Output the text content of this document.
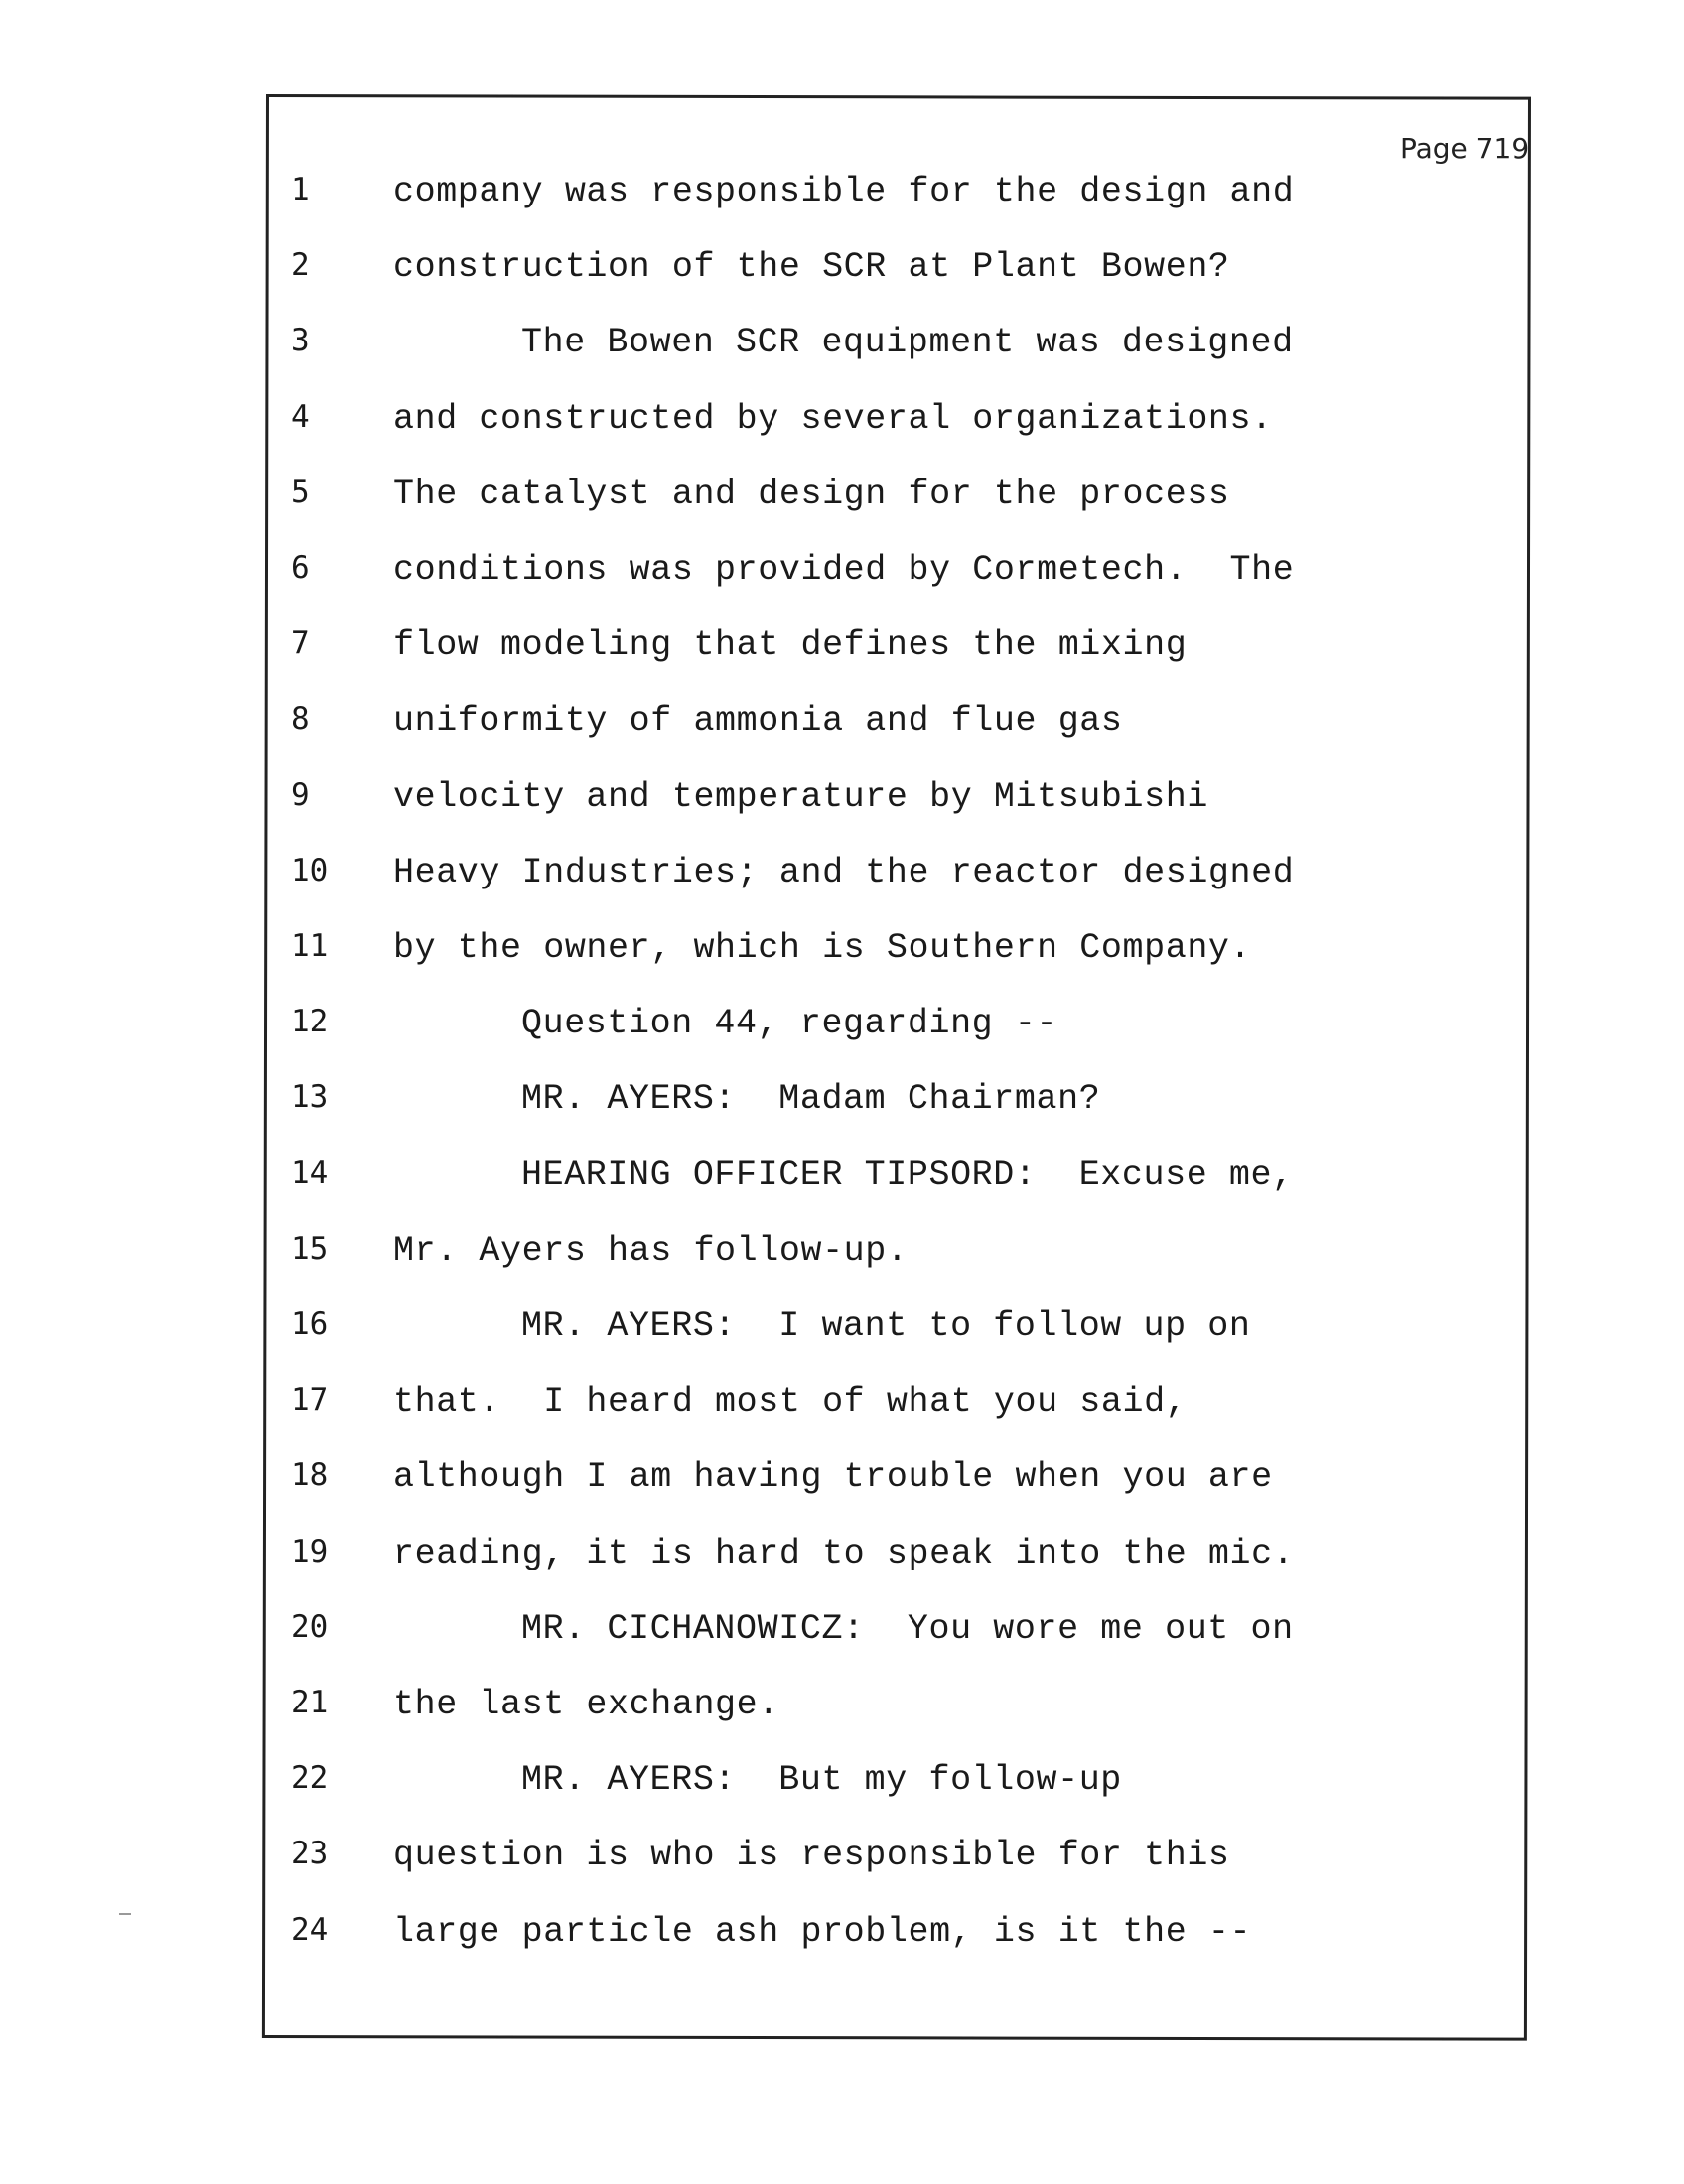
Page 719
1	company was responsible for the design and
2	construction of the SCR at Plant Bowen?
3	The Bowen SCR equipment was designed
4	and constructed by several organizations.
5	The catalyst and design for the process
6	conditions was provided by Cormetech.  The
7	flow modeling that defines the mixing
8	uniformity of ammonia and flue gas
9	velocity and temperature by Mitsubishi
10	Heavy Industries; and the reactor designed
11	by the owner, which is Southern Company.
12	Question 44, regarding --
13	MR. AYERS:  Madam Chairman?
14	HEARING OFFICER TIPSORD:  Excuse me,
15	Mr. Ayers has follow-up.
16	MR. AYERS:  I want to follow up on
17	that.  I heard most of what you said,
18	although I am having trouble when you are
19	reading, it is hard to speak into the mic.
20	MR. CICHANOWICZ:  You wore me out on
21	the last exchange.
22	MR. AYERS:  But my follow-up
23	question is who is responsible for this
24	large particle ash problem, is it the --
